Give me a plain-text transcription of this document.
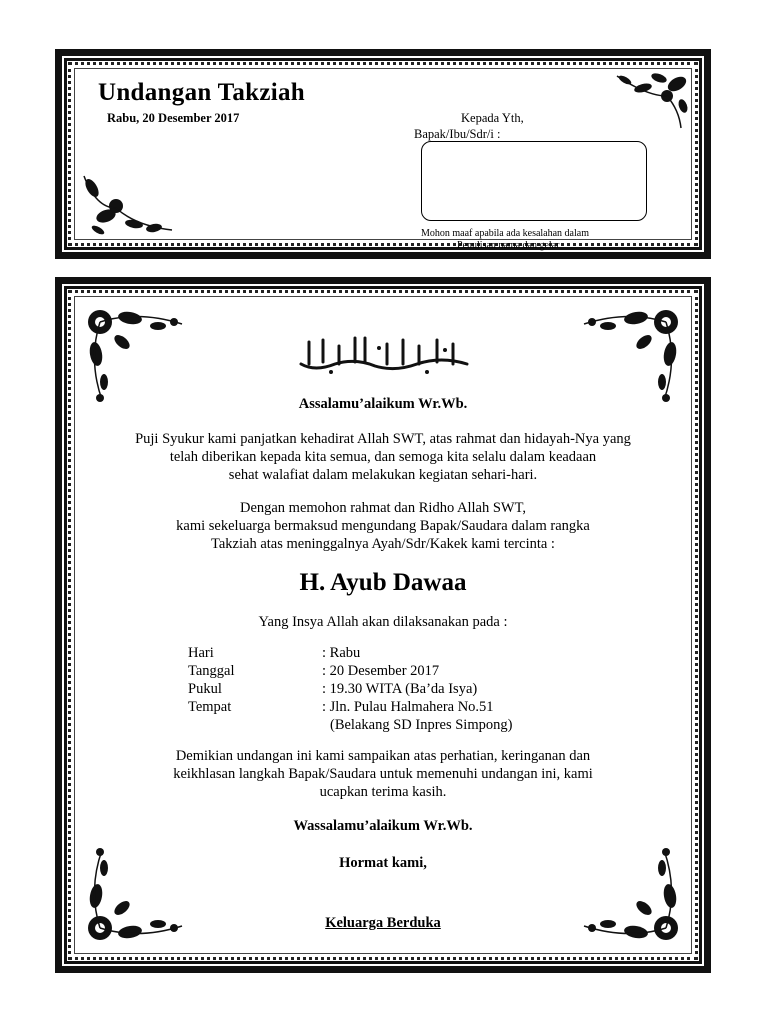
Undangan Takziah
Rabu, 20 Desember 2017	Kepada Yth,
Bapak/Ibu/Sdr/i :
Mohon maaf apabila ada kesalahan dalam
Penulisan nama dan gelar
Assalamu’alaikum Wr.Wb.
Puji Syukur kami panjatkan kehadirat Allah SWT, atas rahmat dan hidayah-Nya yang
telah diberikan kepada kita semua, dan semoga kita selalu dalam keadaan
sehat walafiat dalam melakukan kegiatan sehari-hari.
Dengan memohon rahmat dan Ridho Allah SWT,
kami sekeluarga bermaksud mengundang Bapak/Saudara dalam rangka
Takziah atas meninggalnya Ayah/Sdr/Kakek kami tercinta :
H. Ayub Dawaa
Yang Insya Allah akan dilaksanakan pada :
Hari	: Rabu
Tanggal	: 20 Desember 2017
Pukul	: 19.30 WITA (Ba’da Isya)
Tempat	: Jln. Pulau Halmahera No.51
(Belakang SD Inpres Simpong)
Demikian undangan ini kami sampaikan atas perhatian, keringanan dan
keikhlasan langkah Bapak/Saudara untuk memenuhi undangan ini, kami
ucapkan terima kasih.
Wassalamu’alaikum Wr.Wb.
Hormat kami,
Keluarga Berduka
